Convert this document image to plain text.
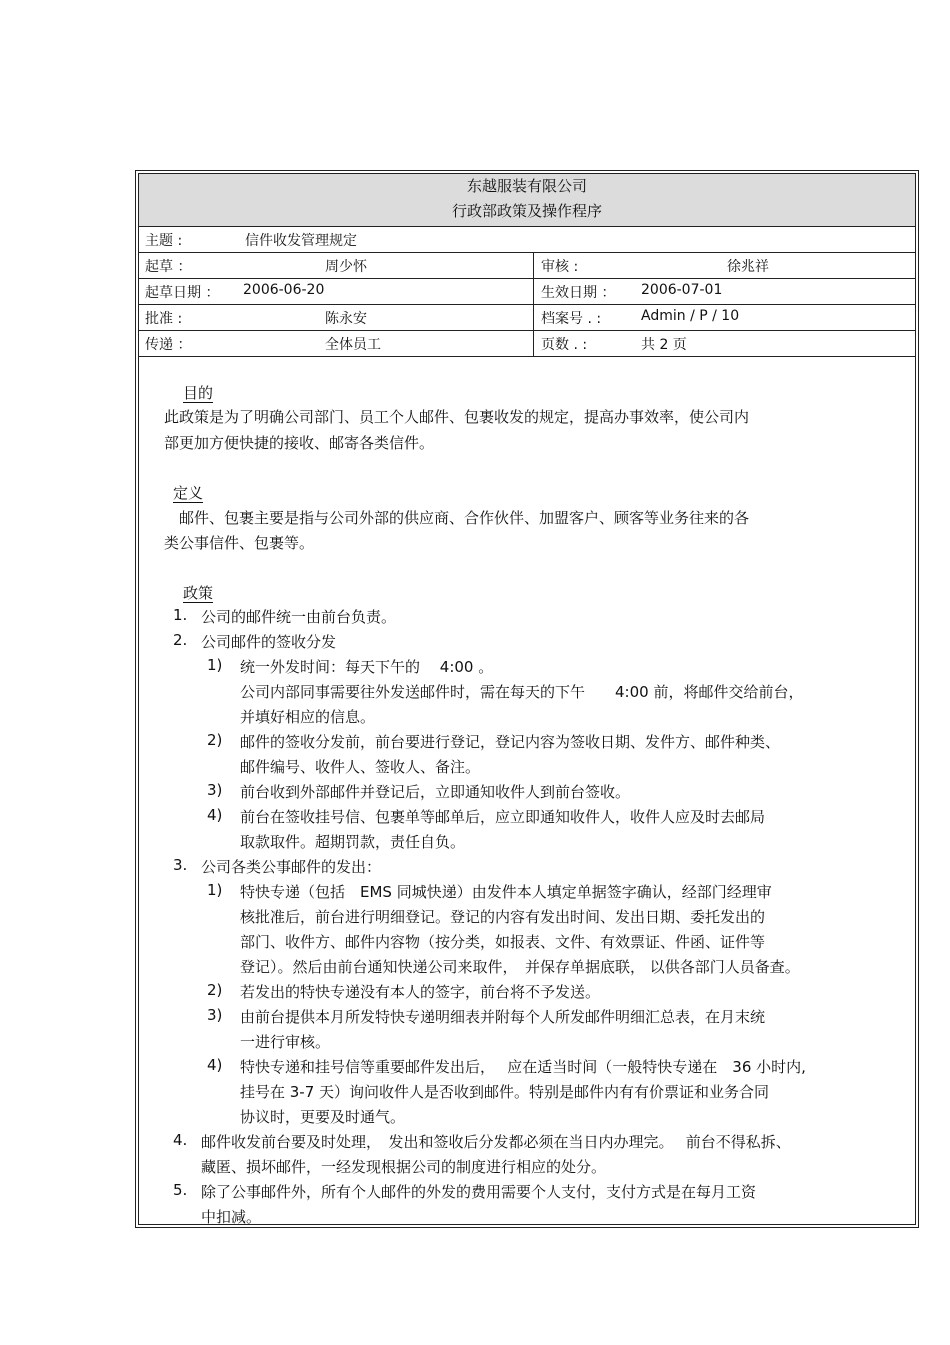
东越服装有限公司
行政部政策及操作程序
主题 :	信件收发管理规定
起草 ：	周少怀	审核 :	徐兆祥
起草日期 ： 2006-06-20	生效日期 ： 2006-07-01
批准 :	陈永安	档案号 . :	Admin / P / 10
传递 ：	全体员工	页数 . :	共 2 页
目的
此政策是为了明确公司部门、员工个人邮件、包裹收发的规定，提高办事效率，使公司内
部更加方便快捷的接收、邮寄各类信件。
定义
邮件、包裹主要是指与公司外部的供应商、合作伙伴、加盟客户、顾客等业务往来的各
类公事信件、包裹等。
政策
1. 公司的邮件统一由前台负责。
2. 公司邮件的签收分发
1) 统一外发时间：每天下午的　 4:00 。
公司内部同事需要往外发送邮件时，需在每天的下午　　4:00 前，将邮件交给前台，
并填好相应的信息。
2) 邮件的签收分发前，前台要进行登记，登记内容为签收日期、发件方、邮件种类、
邮件编号、收件人、签收人、备注。
3) 前台收到外部邮件并登记后，立即通知收件人到前台签收。
4) 前台在签收挂号信、包裹单等邮单后，应立即通知收件人，收件人应及时去邮局
取款取件。超期罚款，责任自负。
3. 公司各类公事邮件的发出：
1) 特快专递（包括　EMS 同城快递）由发件本人填定单据签字确认，经部门经理审
核批准后，前台进行明细登记。登记的内容有发出时间、发出日期、委托发出的
部门、收件方、邮件内容物（按分类，如报表、文件、有效票证、件函、证件等
登记）。然后由前台通知快递公司来取件，　并保存单据底联， 以供各部门人员备查。
2) 若发出的特快专递没有本人的签字，前台将不予发送。
3) 由前台提供本月所发特快专递明细表并附每个人所发邮件明细汇总表，在月末统
一进行审核。
4) 特快专递和挂号信等重要邮件发出后，　 应在适当时间（一般特快专递在　36 小时内,
挂号在 3-7 天）询问收件人是否收到邮件。特别是邮件内有有价票证和业务合同
协议时，更要及时通气。
4. 邮件收发前台要及时处理，　发出和签收后分发都必须在当日内办理完。　 前台不得私拆、
藏匿、损坏邮件，一经发现根据公司的制度进行相应的处分。
5. 除了公事邮件外，所有个人邮件的外发的费用需要个人支付，支付方式是在每月工资
中扣减。
